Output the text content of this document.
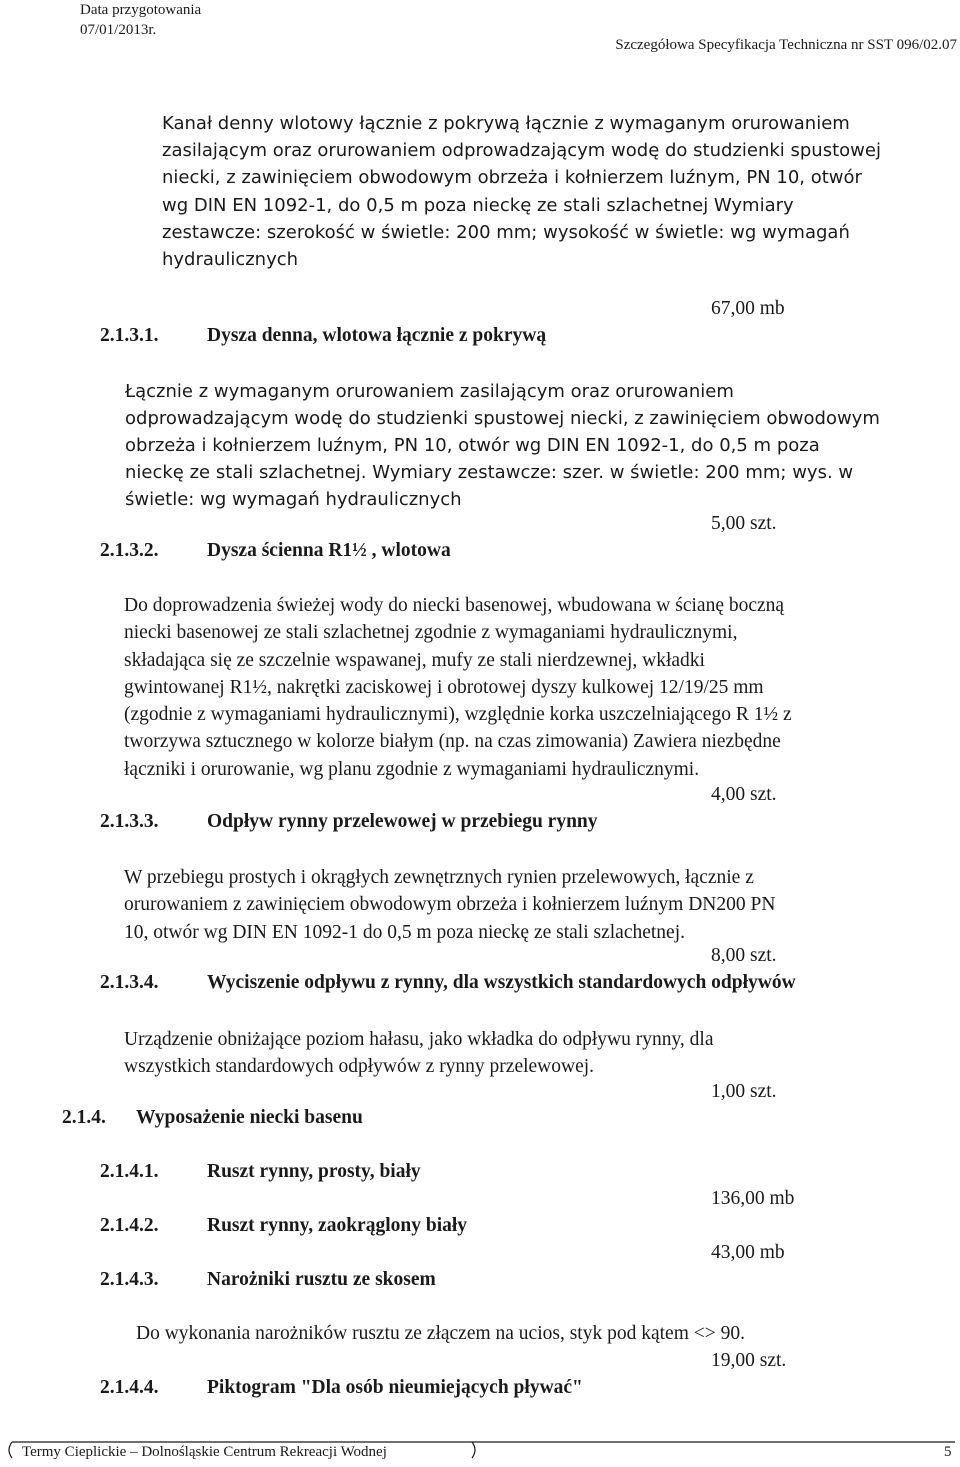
Data przygotowania
07/01/2013r.
Szczegółowa Specyfikacja Techniczna nr SST 096/02.07
Kanał denny wlotowy łącznie z pokrywą łącznie z wymaganym orurowaniem
zasilającym oraz orurowaniem odprowadzającym wodę do studzienki spustowej
niecki, z zawinięciem obwodowym obrzeża i kołnierzem luźnym, PN 10, otwór
wg DIN EN 1092-1, do 0,5 m poza nieckę ze stali szlachetnej Wymiary
zestawcze: szerokość w świetle: 200 mm; wysokość w świetle: wg wymagań
hydraulicznych
67,00 mb
2.1.3.1. Dysza denna, wlotowa łącznie z pokrywą
Łącznie z wymaganym orurowaniem zasilającym oraz orurowaniem
odprowadzającym wodę do studzienki spustowej niecki, z zawinięciem obwodowym
obrzeża i kołnierzem luźnym, PN 10, otwór wg DIN EN 1092-1, do 0,5 m poza
nieckę ze stali szlachetnej. Wymiary zestawcze: szer. w świetle: 200 mm; wys. w
świetle: wg wymagań hydraulicznych
5,00 szt.
2.1.3.2. Dysza ścienna R1½ , wlotowa
Do doprowadzenia świeżej wody do niecki basenowej, wbudowana w ścianę boczną
niecki basenowej ze stali szlachetnej zgodnie z wymaganiami hydraulicznymi,
składająca się ze szczelnie wspawanej, mufy ze stali nierdzewnej, wkładki
gwintowanej R1½, nakrętki zaciskowej i obrotowej dyszy kulkowej 12/19/25 mm
(zgodnie z wymaganiami hydraulicznymi), względnie korka uszczelniającego R 1½ z
tworzywa sztucznego w kolorze białym (np. na czas zimowania) Zawiera niezbędne
łączniki i orurowanie, wg planu zgodnie z wymaganiami hydraulicznymi.
4,00 szt.
2.1.3.3. Odpływ rynny przelewowej w przebiegu rynny
W przebiegu prostych i okrągłych zewnętrznych rynien przelewowych, łącznie z
orurowaniem z zawinięciem obwodowym obrzeża i kołnierzem luźnym DN200 PN
10, otwór wg DIN EN 1092-1 do 0,5 m poza nieckę ze stali szlachetnej.
8,00 szt.
2.1.3.4. Wyciszenie odpływu z rynny, dla wszystkich standardowych odpływów
Urządzenie obniżające poziom hałasu, jako wkładka do odpływu rynny, dla
wszystkich standardowych odpływów z rynny przelewowej.
1,00 szt.
2.1.4. Wyposażenie niecki basenu
2.1.4.1. Ruszt rynny, prosty, biały
136,00 mb
2.1.4.2. Ruszt rynny, zaokrąglony biały
43,00 mb
2.1.4.3. Narożniki rusztu ze skosem
Do wykonania narożników rusztu ze złączem na ucios, styk pod kątem <> 90.
19,00 szt.
2.1.4.4. Piktogram "Dla osób nieumiejących pływać"
Termy Cieplickie – Dolnośląskie Centrum Rekreacji Wodnej	5
